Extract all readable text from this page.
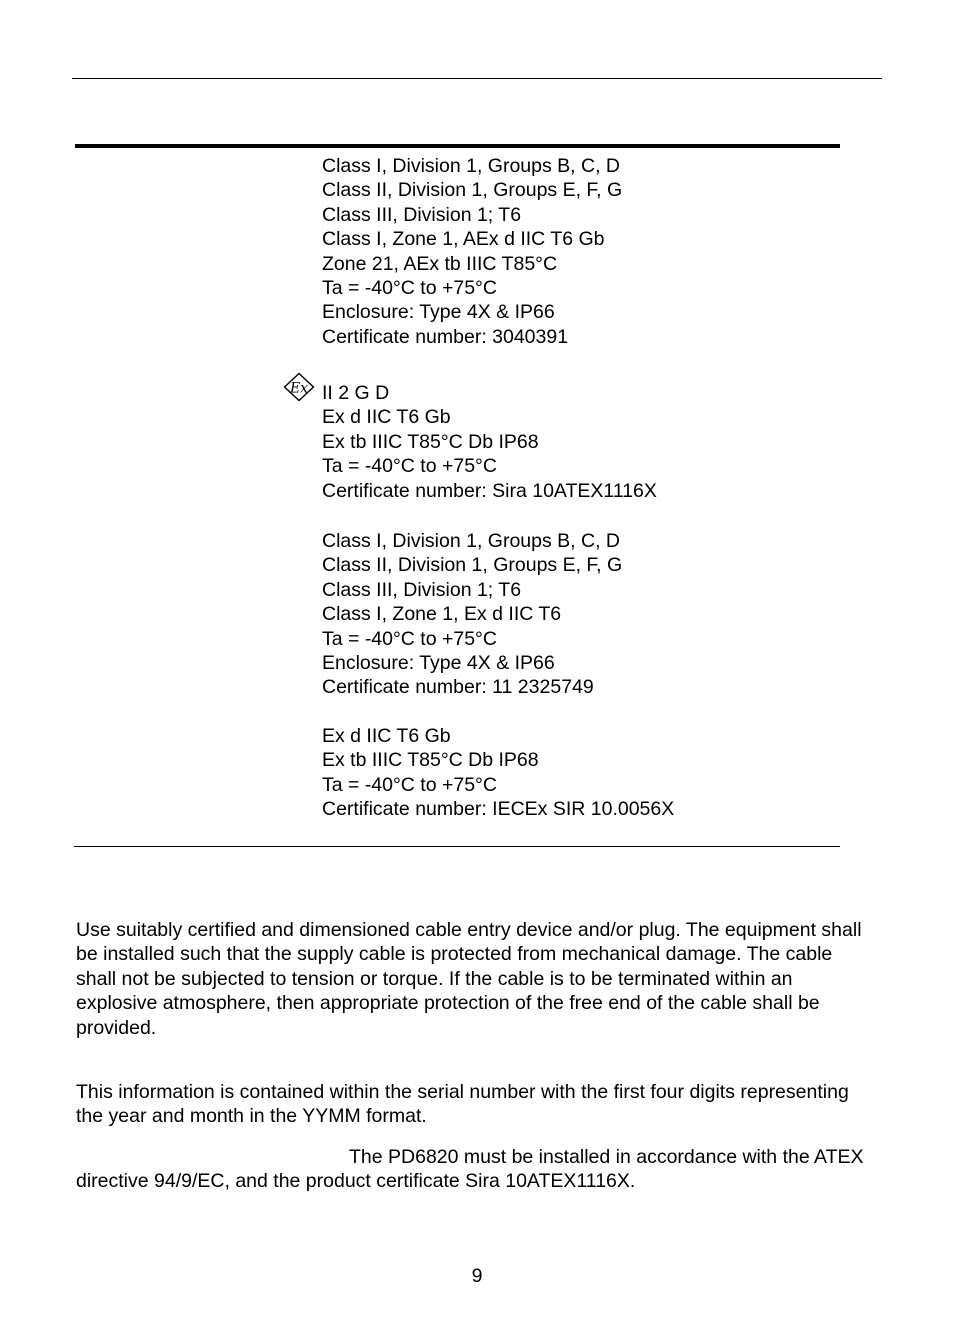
Class I, Division 1, Groups B, C, D
Class II, Division 1, Groups E, F, G
Class III, Division 1; T6
Class I, Zone 1, AEx d IIC T6 Gb
Zone 21, AEx tb IIIC T85°C
Ta = -40°C to +75°C
Enclosure: Type 4X & IP66
Certificate number: 3040391
Ex II 2 G D
Ex d IIC T6 Gb
Ex tb IIIC T85°C Db IP68
Ta = -40°C to +75°C
Certificate number: Sira 10ATEX1116X
Class I, Division 1, Groups B, C, D
Class II, Division 1, Groups E, F, G
Class III, Division 1; T6
Class I, Zone 1, Ex d IIC T6
Ta = -40°C to +75°C
Enclosure: Type 4X & IP66
Certificate number: 11 2325749
Ex d IIC T6 Gb
Ex tb IIIC T85°C Db IP68
Ta = -40°C to +75°C
Certificate number: IECEx SIR 10.0056X

Use suitably certified and dimensioned cable entry device and/or plug. The equipment shall be installed such that the supply cable is protected from mechanical damage. The cable shall not be subjected to tension or torque. If the cable is to be terminated within an explosive atmosphere, then appropriate protection of the free end of the cable shall be provided.

This information is contained within the serial number with the first four digits representing the year and month in the YYMM format.

The PD6820 must be installed in accordance with the ATEX directive 94/9/EC, and the product certificate Sira 10ATEX1116X.

9
